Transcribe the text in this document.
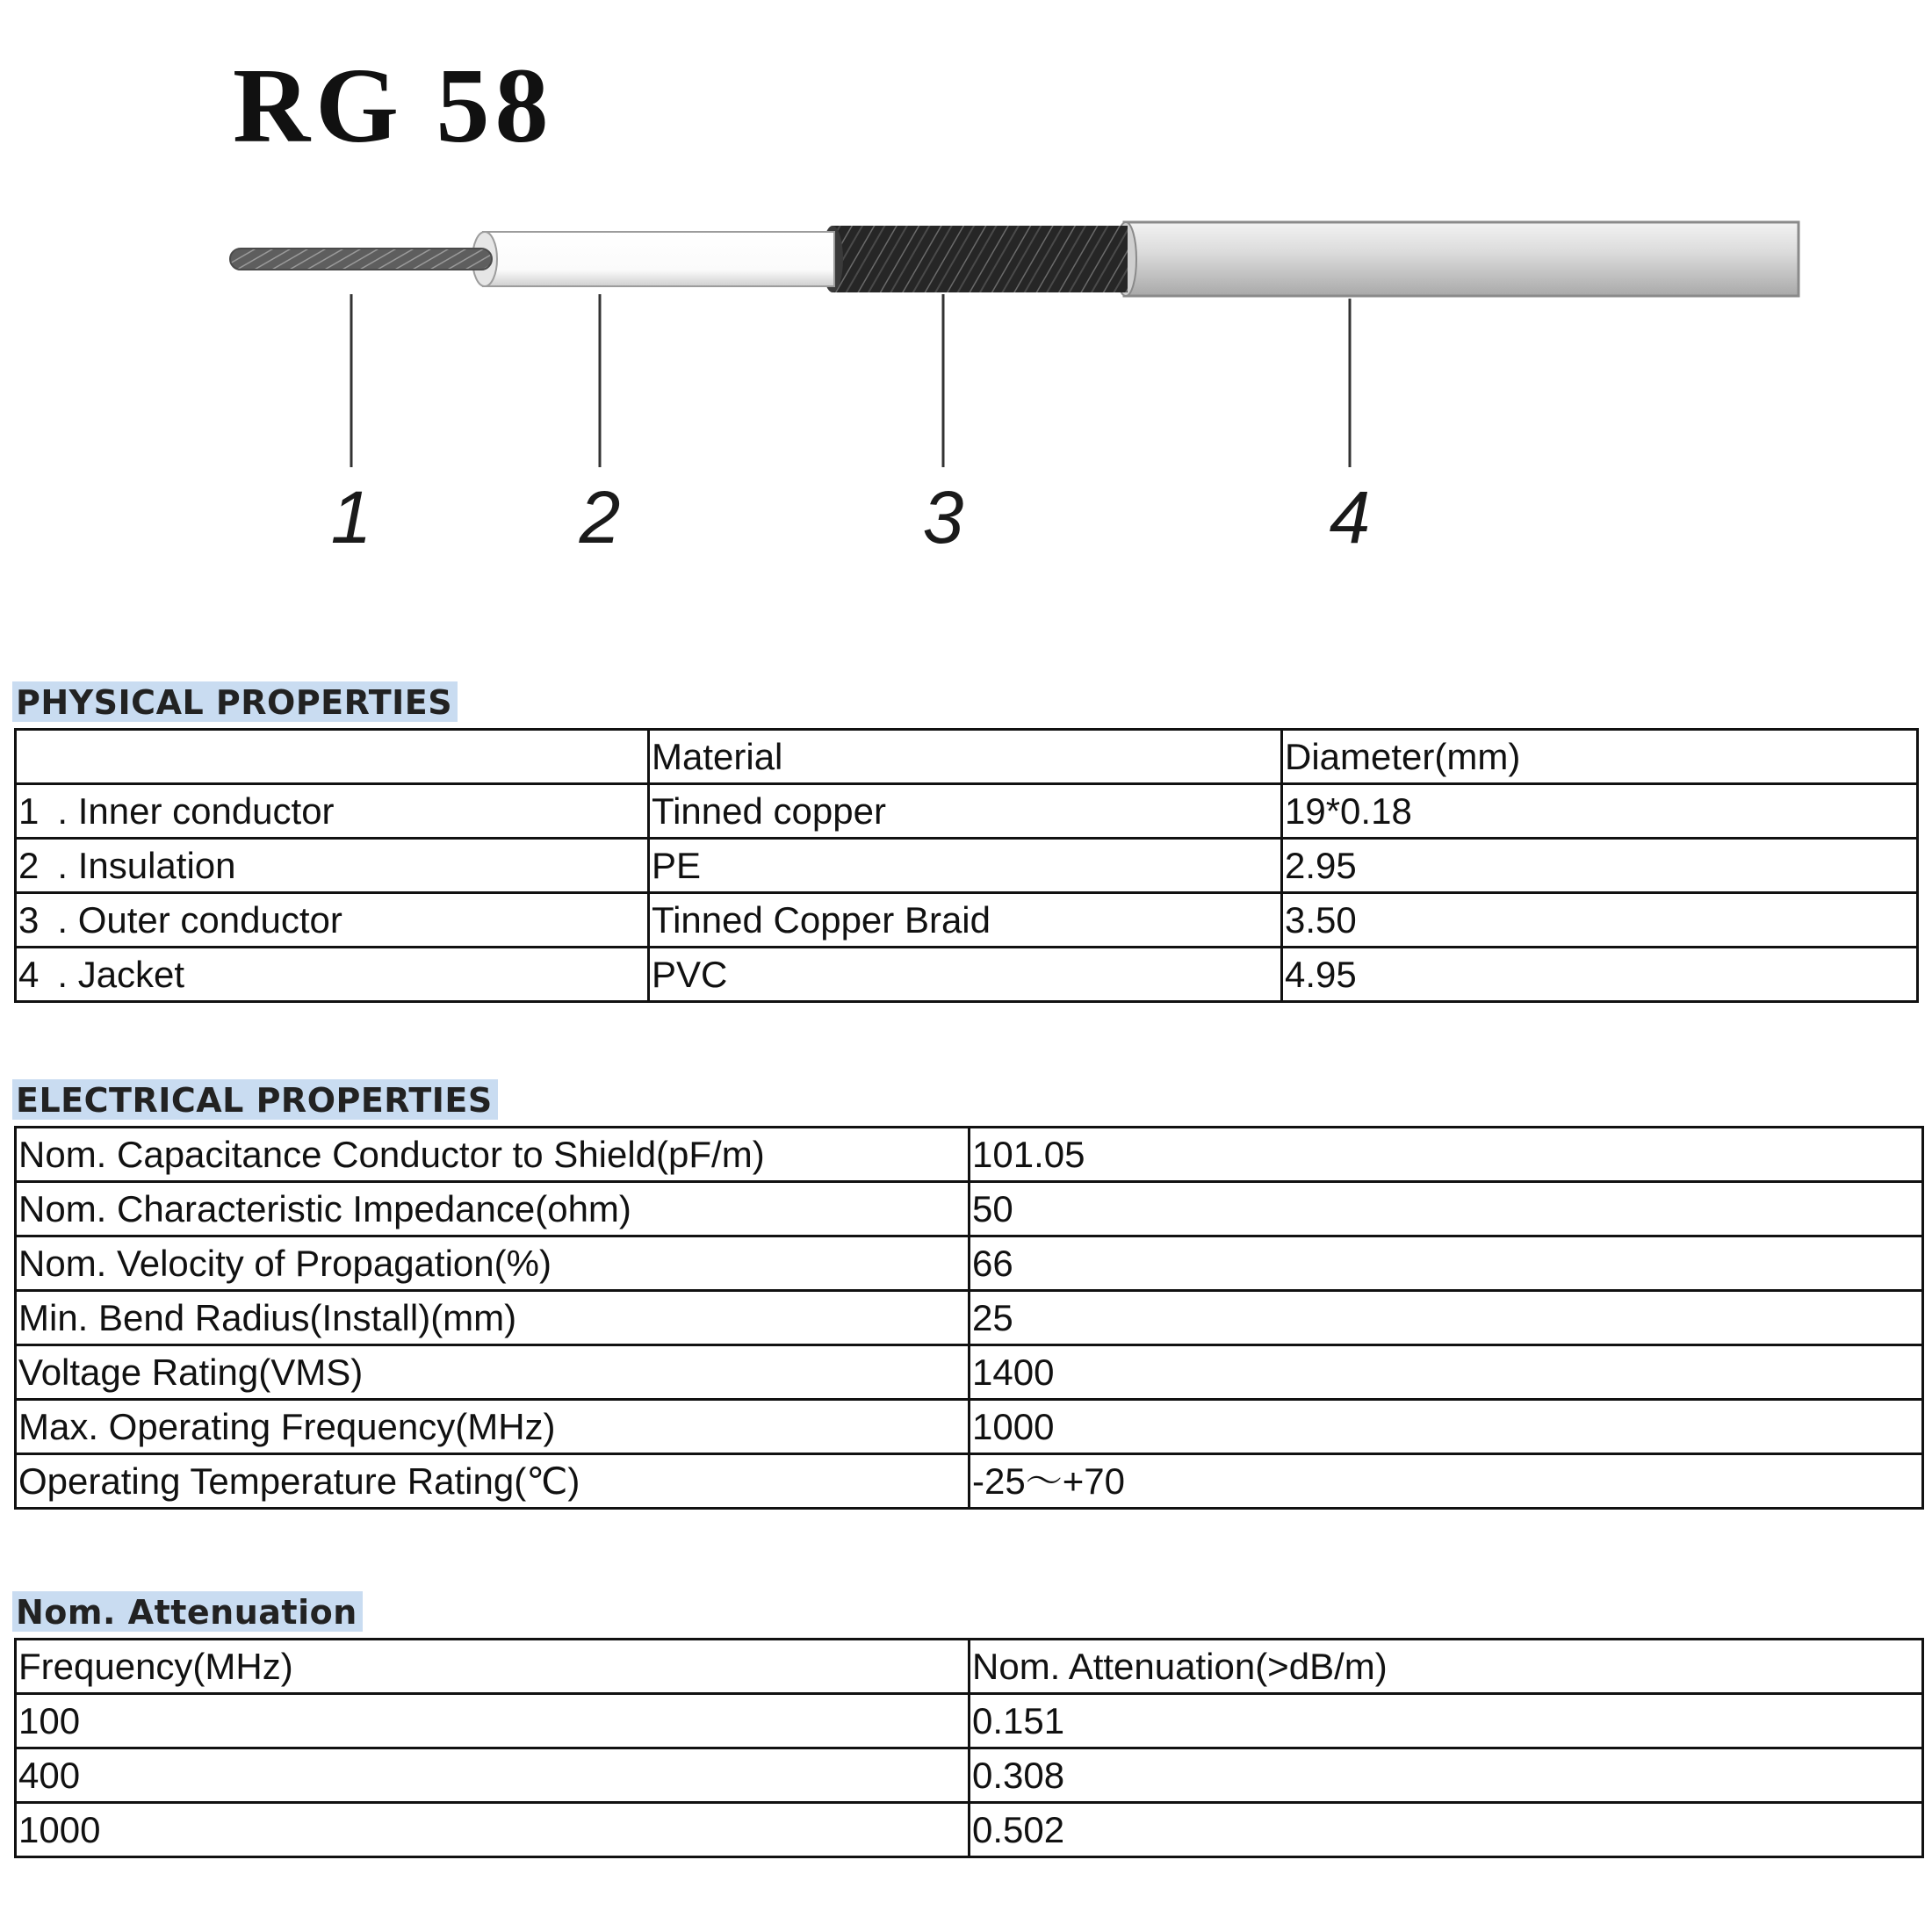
RG 58
1	2	3	4
PHYSICAL PROPERTIES
	Material	Diameter(mm)
1 . Inner conductor	Tinned copper	19*0.18
2 . Insulation	PE	2.95
3 . Outer conductor	Tinned Copper Braid	3.50
4 . Jacket	PVC	4.95
ELECTRICAL PROPERTIES
Nom. Capacitance Conductor to Shield(pF/m)	101.05
Nom. Characteristic Impedance(ohm)	50
Nom. Velocity of Propagation(%)	66
Min. Bend Radius(Install)(mm)	25
Voltage Rating(VMS)	1400
Max. Operating Frequency(MHz)	1000
Operating Temperature Rating(℃)	-25～+70
Nom. Attenuation
Frequency(MHz)	Nom. Attenuation(>dB/m)
100	0.151
400	0.308
1000	0.502
